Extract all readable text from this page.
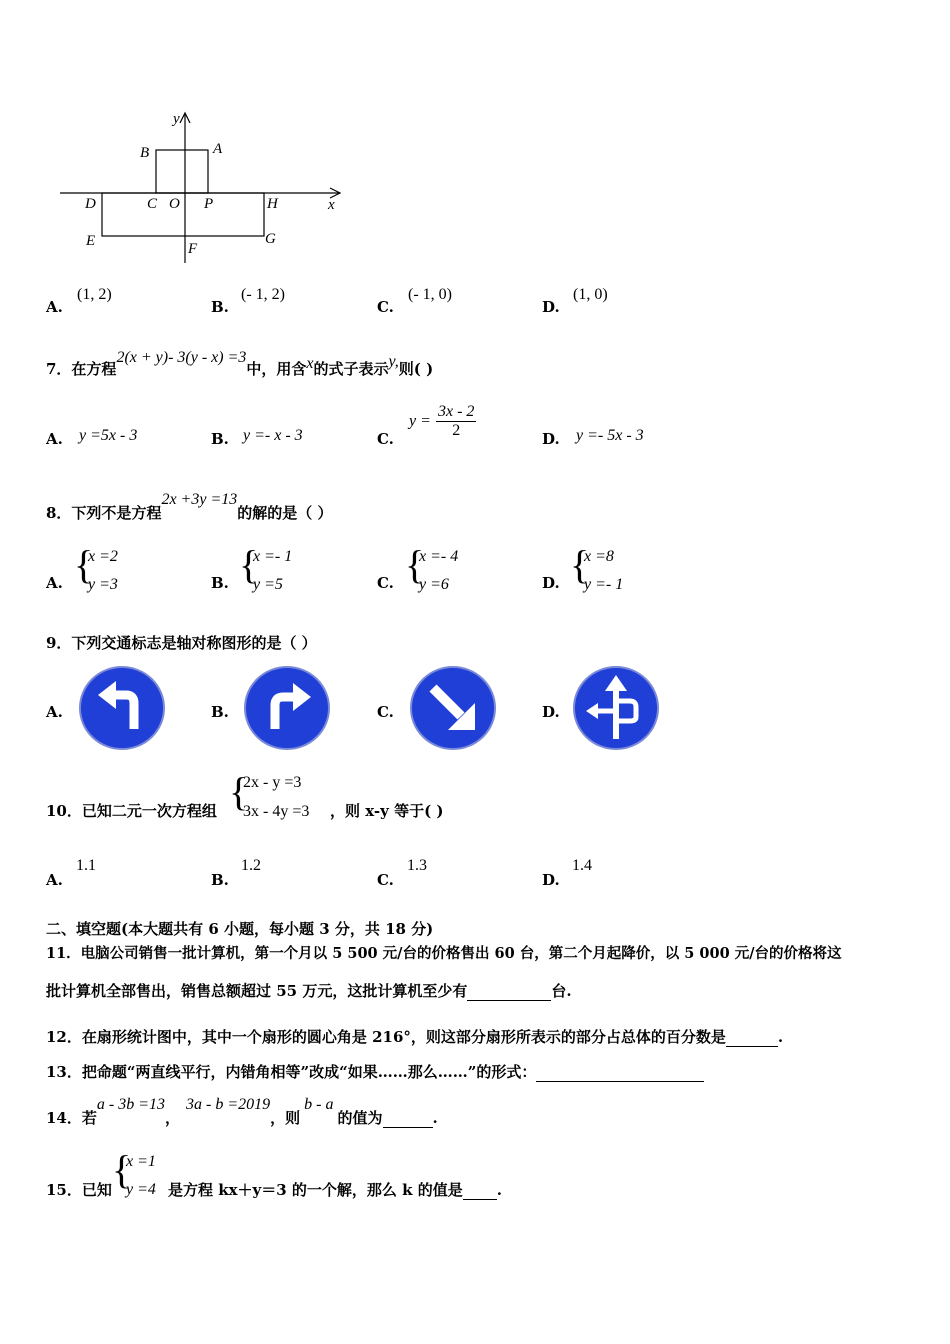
y
x
B	A
C O P
D	H
E	F
G
A.
(1, 2)
B.
(- 1, 2)
C.
(- 1, 0)
D.
(1, 0)
7．在方程2(x + y)- 3(y - x) =3中，用含x的式子表示y,则( )
A. y =5x - 3	B. y =- x - 3	C.
$y = \frac{3x - 2}{2}$	D. y =- 5x - 3
8．下列不是方程2x +3y =13的解的是（ ）
A. {
x =2
y =3	B. {
x =- 1
y =5	C. {
x =- 4
y =6	D. {
x =8
y =- 1
9．下列交通标志是轴对称图形的是（ ）
A.	B.	C.	D.
10．已知二元一次方程组 {
2x - y =3
3x - 4y =3 ，则 x-y 等于( )
A.
1.1
B.
1.2
C.
1.3
D.
1.4
二、填空题(本大题共有 6 小题，每小题 3 分，共 18 分)
11．电脑公司销售一批计算机，第一个月以 5 500 元/台的价格售出 60 台，第二个月起降价，以 5 000 元/台的价格将这
批计算机全部售出，销售总额超过 55 万元，这批计算机至少有	台.
12．在扇形统计图中，其中一个扇形的圆心角是 216°，则这部分扇形所表示的部分占总体的百分数是	.
13．把命题“两直线平行，内错角相等”改成“如果……那么……”的形式：
14．若a - 3b =13，3a - b =2019，则b - a的值为	.
15．已知 {
x =1
y =4 是方程 kx＋y＝3 的一个解，那么 k 的值是 .
